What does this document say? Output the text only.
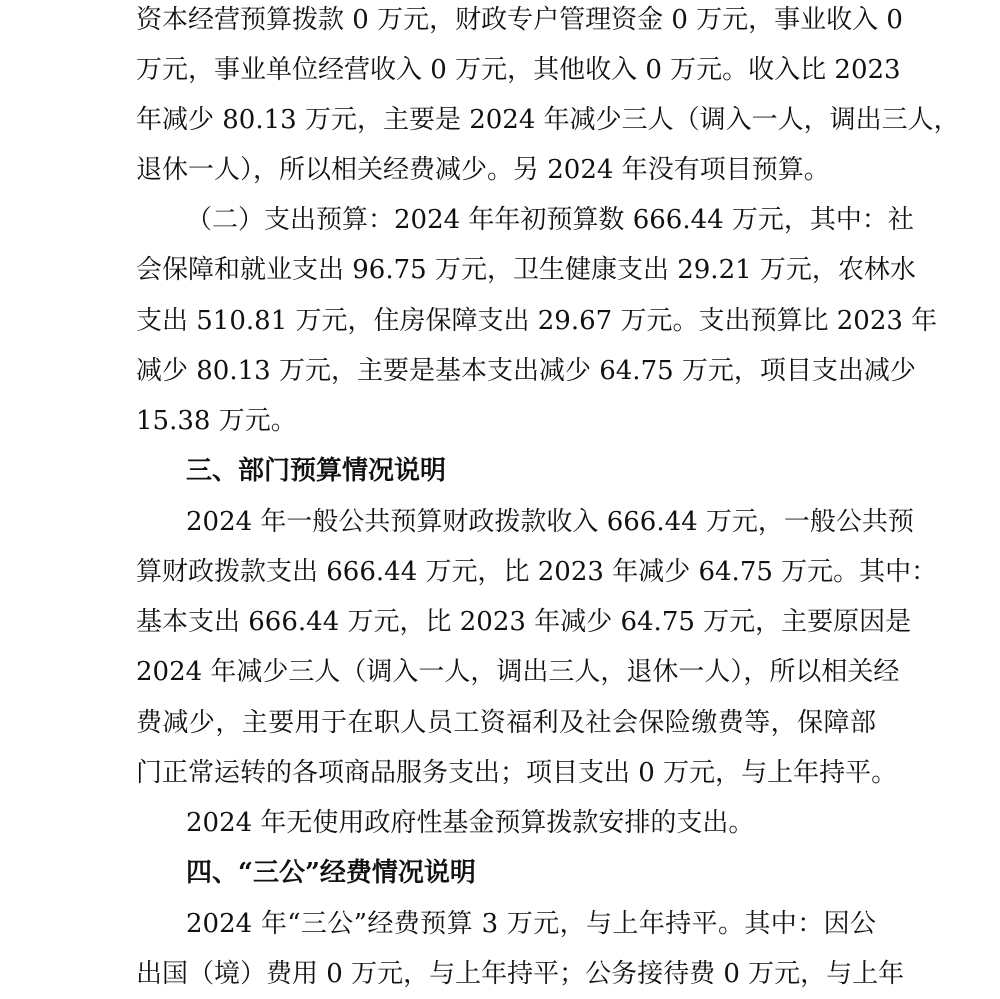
资本经营预算拨款 0 万元，财政专户管理资金 0 万元，事业收入 0
万元，事业单位经营收入 0 万元，其他收入 0 万元。收入比 2023
年减少 80.13 万元，主要是 2024 年减少三人（调入一人，调出三人，
退休一人），所以相关经费减少。另 2024 年没有项目预算。
（二）支出预算：2024 年年初预算数 666.44 万元，其中：社
会保障和就业支出 96.75 万元，卫生健康支出 29.21 万元，农林水
支出 510.81 万元，住房保障支出 29.67 万元。支出预算比 2023 年
减少 80.13 万元，主要是基本支出减少 64.75 万元，项目支出减少
15.38 万元。
三、部门预算情况说明
2024 年一般公共预算财政拨款收入 666.44 万元，一般公共预
算财政拨款支出 666.44 万元，比 2023 年减少 64.75 万元。其中：
基本支出 666.44 万元，比 2023 年减少 64.75 万元，主要原因是
2024 年减少三人（调入一人，调出三人，退休一人），所以相关经
费减少，主要用于在职人员工资福利及社会保险缴费等，保障部
门正常运转的各项商品服务支出；项目支出 0 万元，与上年持平。
2024 年无使用政府性基金预算拨款安排的支出。
四、“三公”经费情况说明
2024 年“三公”经费预算 3 万元，与上年持平。其中：因公
出国（境）费用 0 万元，与上年持平；公务接待费 0 万元，与上年
